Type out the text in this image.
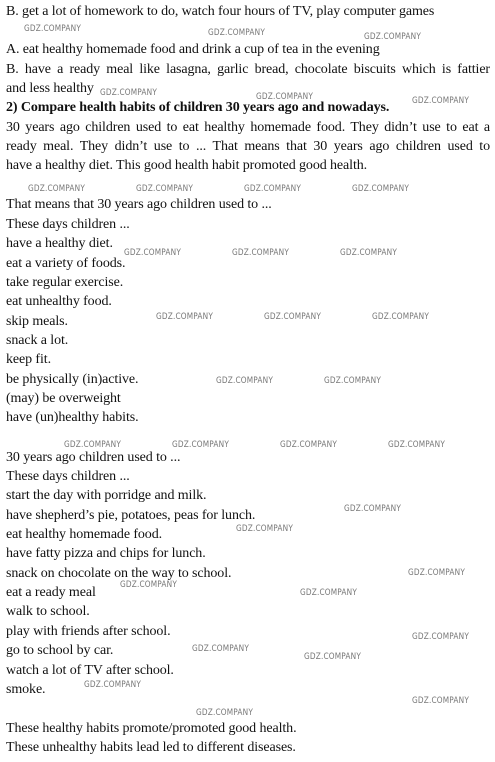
B. get a lot of homework to do, watch four hours of TV, play computer games
A. eat healthy homemade food and drink a cup of tea in the evening
B. have a ready meal like lasagna, garlic bread, chocolate biscuits which is fattier
and less healthy
2) Compare health habits of children 30 years ago and nowadays.
30 years ago children used to eat healthy homemade food. They didn’t use to eat a
ready meal. They didn’t use to ... That means that 30 years ago children used to
have a healthy diet. This good health habit promoted good health.
That means that 30 years ago children used to ...
These days children ...
have a healthy diet.
eat a variety of foods.
take regular exercise.
eat unhealthy food.
skip meals.
snack a lot.
keep fit.
be physically (in)active.
(may) be overweight
have (un)healthy habits.
30 years ago children used to ...
These days children ...
start the day with porridge and milk.
have shepherd’s pie, potatoes, peas for lunch.
eat healthy homemade food.
have fatty pizza and chips for lunch.
snack on chocolate on the way to school.
eat a ready meal
walk to school.
play with friends after school.
go to school by car.
watch a lot of TV after school.
smoke.
These healthy habits promote/promoted good health.
These unhealthy habits lead led to different diseases.
GDZ.COMPANY	GDZ.COMPANY	GDZ.COMPANY
GDZ.COMPANY	GDZ.COMPANY	GDZ.COMPANY
GDZ.COMPANY	GDZ.COMPANY	GDZ.COMPANY	GDZ.COMPANY
GDZ.COMPANY	GDZ.COMPANY	GDZ.COMPANY
GDZ.COMPANY	GDZ.COMPANY	GDZ.COMPANY
GDZ.COMPANY	GDZ.COMPANY
GDZ.COMPANY	GDZ.COMPANY	GDZ.COMPANY	GDZ.COMPANY
GDZ.COMPANY
GDZ.COMPANY
GDZ.COMPANY
GDZ.COMPANY
GDZ.COMPANY
GDZ.COMPANY
GDZ.COMPANY
GDZ.COMPANY
GDZ.COMPANY
GDZ.COMPANY
GDZ.COMPANY
